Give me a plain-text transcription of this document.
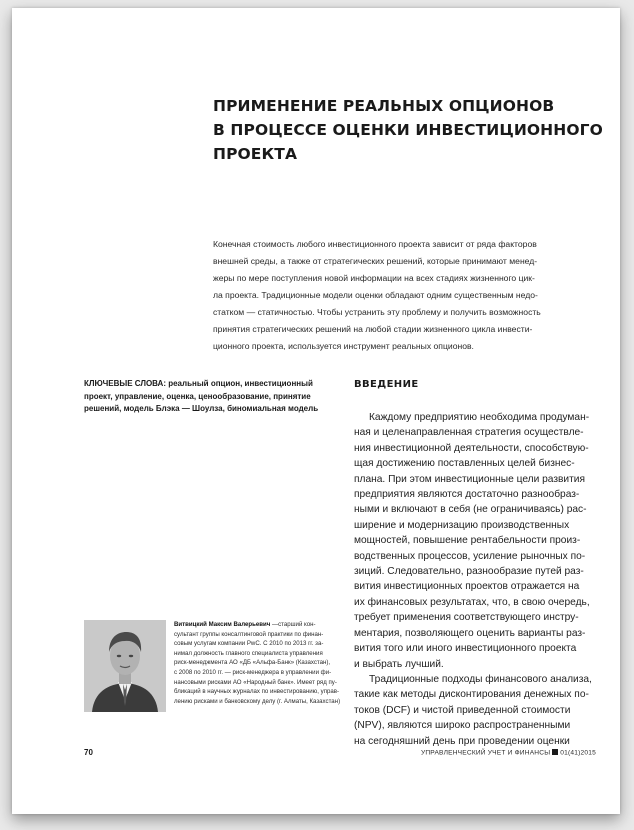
ПРИМЕНЕНИЕ РЕАЛЬНЫХ ОПЦИОНОВ
В ПРОЦЕССЕ ОЦЕНКИ ИНВЕСТИЦИОННОГО
ПРОЕКТА
Конечная стоимость любого инвестиционного проекта зависит от ряда факторов
внешней среды, а также от стратегических решений, которые принимают менед-
жеры по мере поступления новой информации на всех стадиях жизненного цик-
ла проекта. Традиционные модели оценки обладают одним существенным недо-
статком — статичностью. Чтобы устранить эту проблему и получить возможность
принятия стратегических решений на любой стадии жизненного цикла инвести-
ционного проекта, используется инструмент реальных опционов.
КЛЮЧЕВЫЕ СЛОВА: реальный опцион, инвестиционный
проект, управление, оценка, ценообразование, принятие
решений, модель Блэка — Шоулза, биномиальная модель
Витвицкий Максим Валерьевич —старший кон-
сультант группы консалтинговой практики по финан-
совым услугам компании PwC. С 2010 по 2013 гг. за-
нимал должность главного специалиста управления
риск-менеджмента АО «ДБ «Альфа-Банк» (Казахстан),
с 2008 по 2010 гг. — риск-менеджера в управлении фи-
нансовыми рисками АО «Народный банк». Имеет ряд пу-
бликаций в научных журналах по инвестированию, управ-
лению рисками и банковскому делу (г. Алматы, Казахстан)
ВВЕДЕНИЕ
Каждому предприятию необходима продуман-
ная и целенаправленная стратегия осуществле-
ния инвестиционной деятельности, способствую-
щая достижению поставленных целей бизнес-
плана. При этом инвестиционные цели развития
предприятия являются достаточно разнообраз-
ными и включают в себя (не ограничиваясь) рас-
ширение и модернизацию производственных
мощностей, повышение рентабельности произ-
водственных процессов, усиление рыночных по-
зиций. Следовательно, разнообразие путей раз-
вития инвестиционных проектов отражается на
их финансовых результатах, что, в свою очередь,
требует применения соответствующего инстру-
ментария, позволяющего оценить варианты раз-
вития того или иного инвестиционного проекта
и выбрать лучший.
Традиционные подходы финансового анализа,
такие как методы дисконтирования денежных по-
токов (DCF) и чистой приведенной стоимости
(NPV), являются широко распространенными
на сегодняшний день при проведении оценки
70	УПРАВЛЕНЧЕСКИЙ УЧЕТ И ФИНАНСЫ 01(41)2015
